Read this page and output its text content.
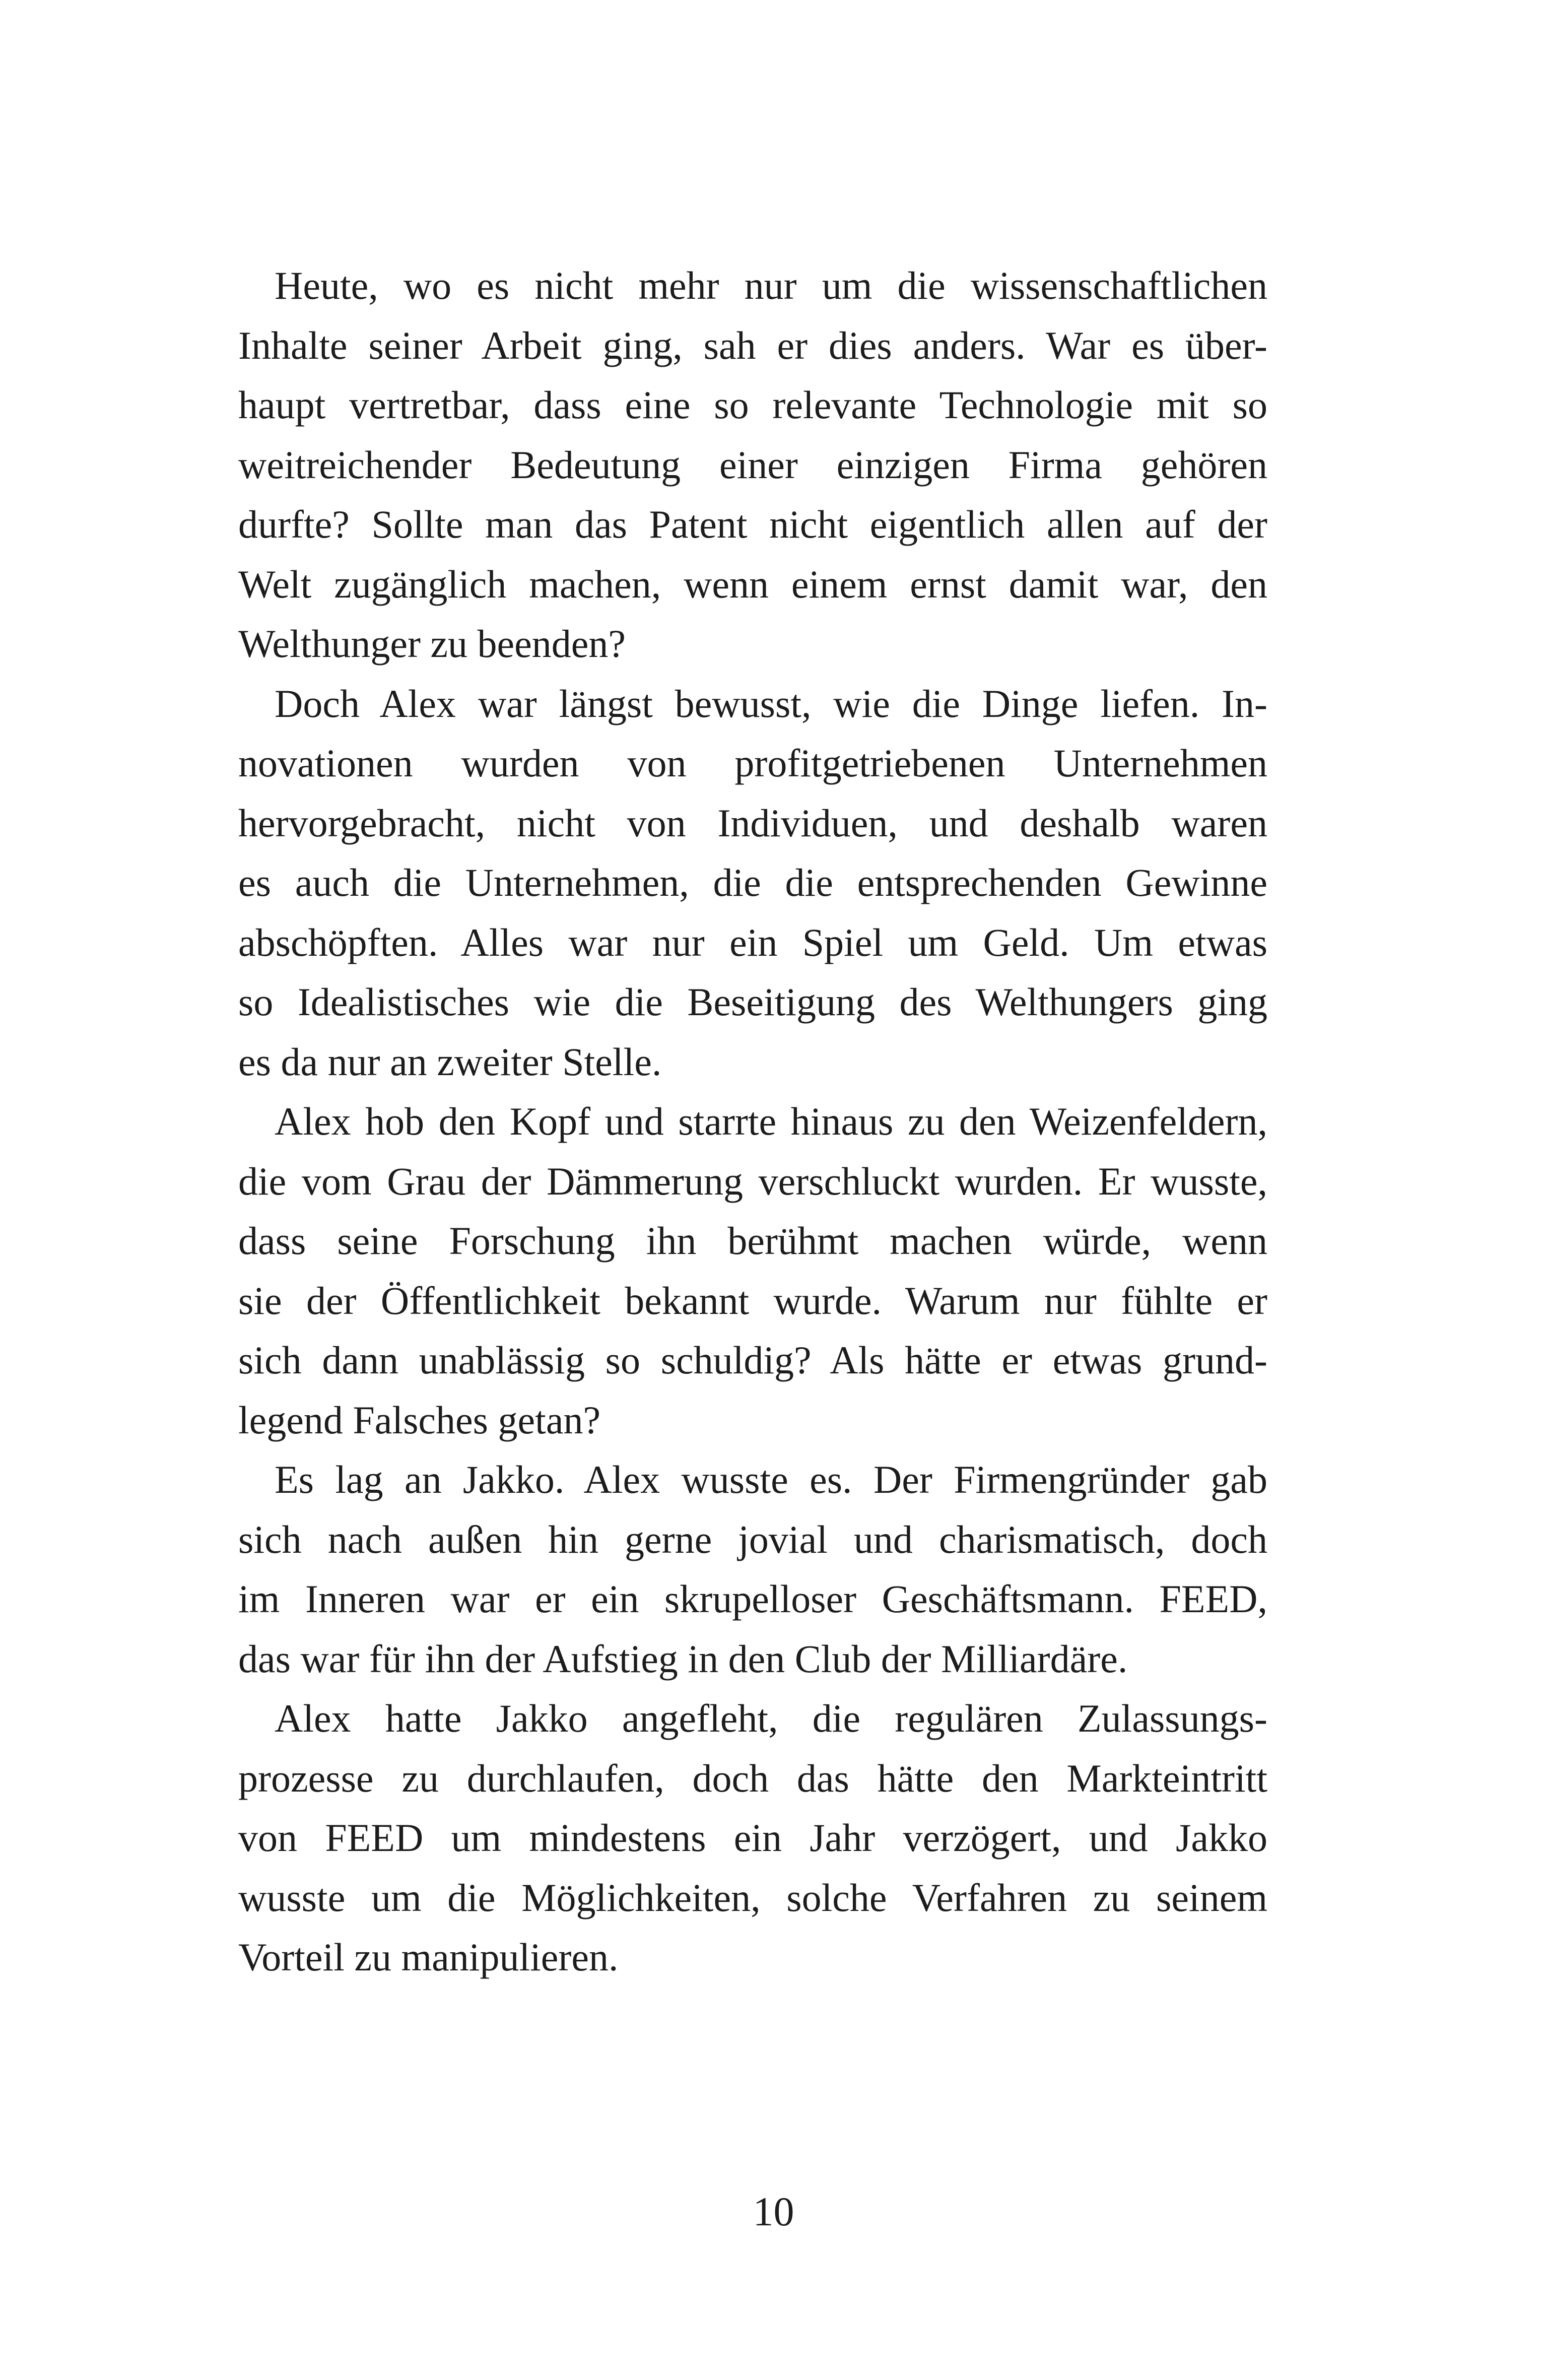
Heute, wo es nicht mehr nur um die wissenschaftlichen
Inhalte seiner Arbeit ging, sah er dies anders. War es über-
haupt vertretbar, dass eine so relevante Technologie mit so
weitreichender Bedeutung einer einzigen Firma gehören
durfte? Sollte man das Patent nicht eigentlich allen auf der
Welt zugänglich machen, wenn einem ernst damit war, den
Welthunger zu beenden?
Doch Alex war längst bewusst, wie die Dinge liefen. In-
novationen wurden von profitgetriebenen Unternehmen
hervorgebracht, nicht von Individuen, und deshalb waren
es auch die Unternehmen, die die entsprechenden Gewinne
abschöpften. Alles war nur ein Spiel um Geld. Um etwas
so Idealistisches wie die Beseitigung des Welthungers ging
es da nur an zweiter Stelle.
Alex hob den Kopf und starrte hinaus zu den Weizenfeldern,
die vom Grau der Dämmerung verschluckt wurden. Er wusste,
dass seine Forschung ihn berühmt machen würde, wenn
sie der Öffentlichkeit bekannt wurde. Warum nur fühlte er
sich dann unablässig so schuldig? Als hätte er etwas grund-
legend Falsches getan?
Es lag an Jakko. Alex wusste es. Der Firmengründer gab
sich nach außen hin gerne jovial und charismatisch, doch
im Inneren war er ein skrupelloser Geschäftsmann. FEED,
das war für ihn der Aufstieg in den Club der Milliardäre.
Alex hatte Jakko angefleht, die regulären Zulassungs-
prozesse zu durchlaufen, doch das hätte den Markteintritt
von FEED um mindestens ein Jahr verzögert, und Jakko
wusste um die Möglichkeiten, solche Verfahren zu seinem
Vorteil zu manipulieren.
10
